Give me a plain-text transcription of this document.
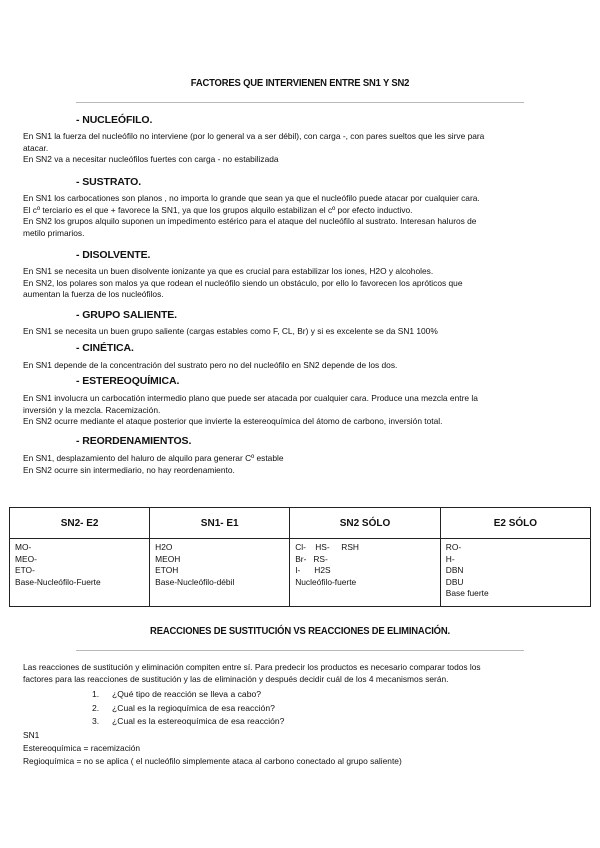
FACTORES QUE INTERVIENEN ENTRE SN1 Y SN2
- NUCLEÓFILO.
En SN1 la fuerza del nucleófilo no interviene (por lo general va a ser débil), con carga -, con pares sueltos que les sirve para
atacar.
En SN2 va a necesitar nucleófilos fuertes con carga - no estabilizada
- SUSTRATO.
En SN1 los carbocationes son planos , no importa lo grande que sean ya que el nucleófilo puede atacar por cualquier cara.
El cº terciario es el que + favorece la SN1, ya que los grupos alquilo estabilizan el cº por efecto inductivo.
En SN2 los grupos alquilo suponen un impedimento estérico para el ataque del nucleófilo al sustrato. Interesan haluros de
metilo primarios.
- DISOLVENTE.
En SN1 se necesita un buen disolvente ionizante ya que es crucial para estabilizar los iones, H2O y alcoholes.
En SN2, los polares son malos ya que rodean el nucleófilo siendo un obstáculo, por ello lo favorecen los apróticos que
aumentan la fuerza de los nucleófilos.
- GRUPO SALIENTE.
En SN1 se necesita un buen grupo saliente (cargas estables como F, CL, Br) y si es excelente se da SN1 100%
- CINÉTICA.
En SN1 depende de la concentración del sustrato pero no del nucleófilo en SN2 depende de los dos.
- ESTEREOQUÍMICA.
En SN1 involucra un carbocatión intermedio plano que puede ser atacada por cualquier cara. Produce una mezcla entre la
inversión y la mezcla. Racemización.
En SN2 ocurre mediante el ataque posterior que invierte la estereoquímica del átomo de carbono, inversión total.
- REORDENAMIENTOS.
En SN1, desplazamiento del haluro de alquilo para generar Cº estable
En SN2 ocurre sin intermediario, no hay reordenamiento.
SN2- E2	SN1- E1	SN2 SÓLO	E2 SÓLO

MO-
MEO-
ETO-
Base-Nucleófilo-Fuerte	H2O
MEOH
ETOH
Base-Nucleófilo-débil	Cl-    HS-     RSH
Br-   RS-
I-      H2S
Nucleófilo-fuerte	RO-
H-
DBN
DBU
Base fuerte
REACCIONES DE SUSTITUCIÓN VS REACCIONES DE ELIMINACIÓN.
Las reacciones de sustitución y eliminación compiten entre sí. Para predecir los productos es necesario comparar todos los
factores para las reacciones de sustitución y las de eliminación y después decidir cuál de los 4 mecanismos serán.
1. ¿Qué tipo de reacción se lleva a cabo?
2. ¿Cual es la regioquímica de esa reacción?
3. ¿Cual es la estereoquímica de esa reacción?
SN1
Estereoquímica = racemización
Regioquímica = no se aplica ( el nucleófilo simplemente ataca al carbono conectado al grupo saliente)
